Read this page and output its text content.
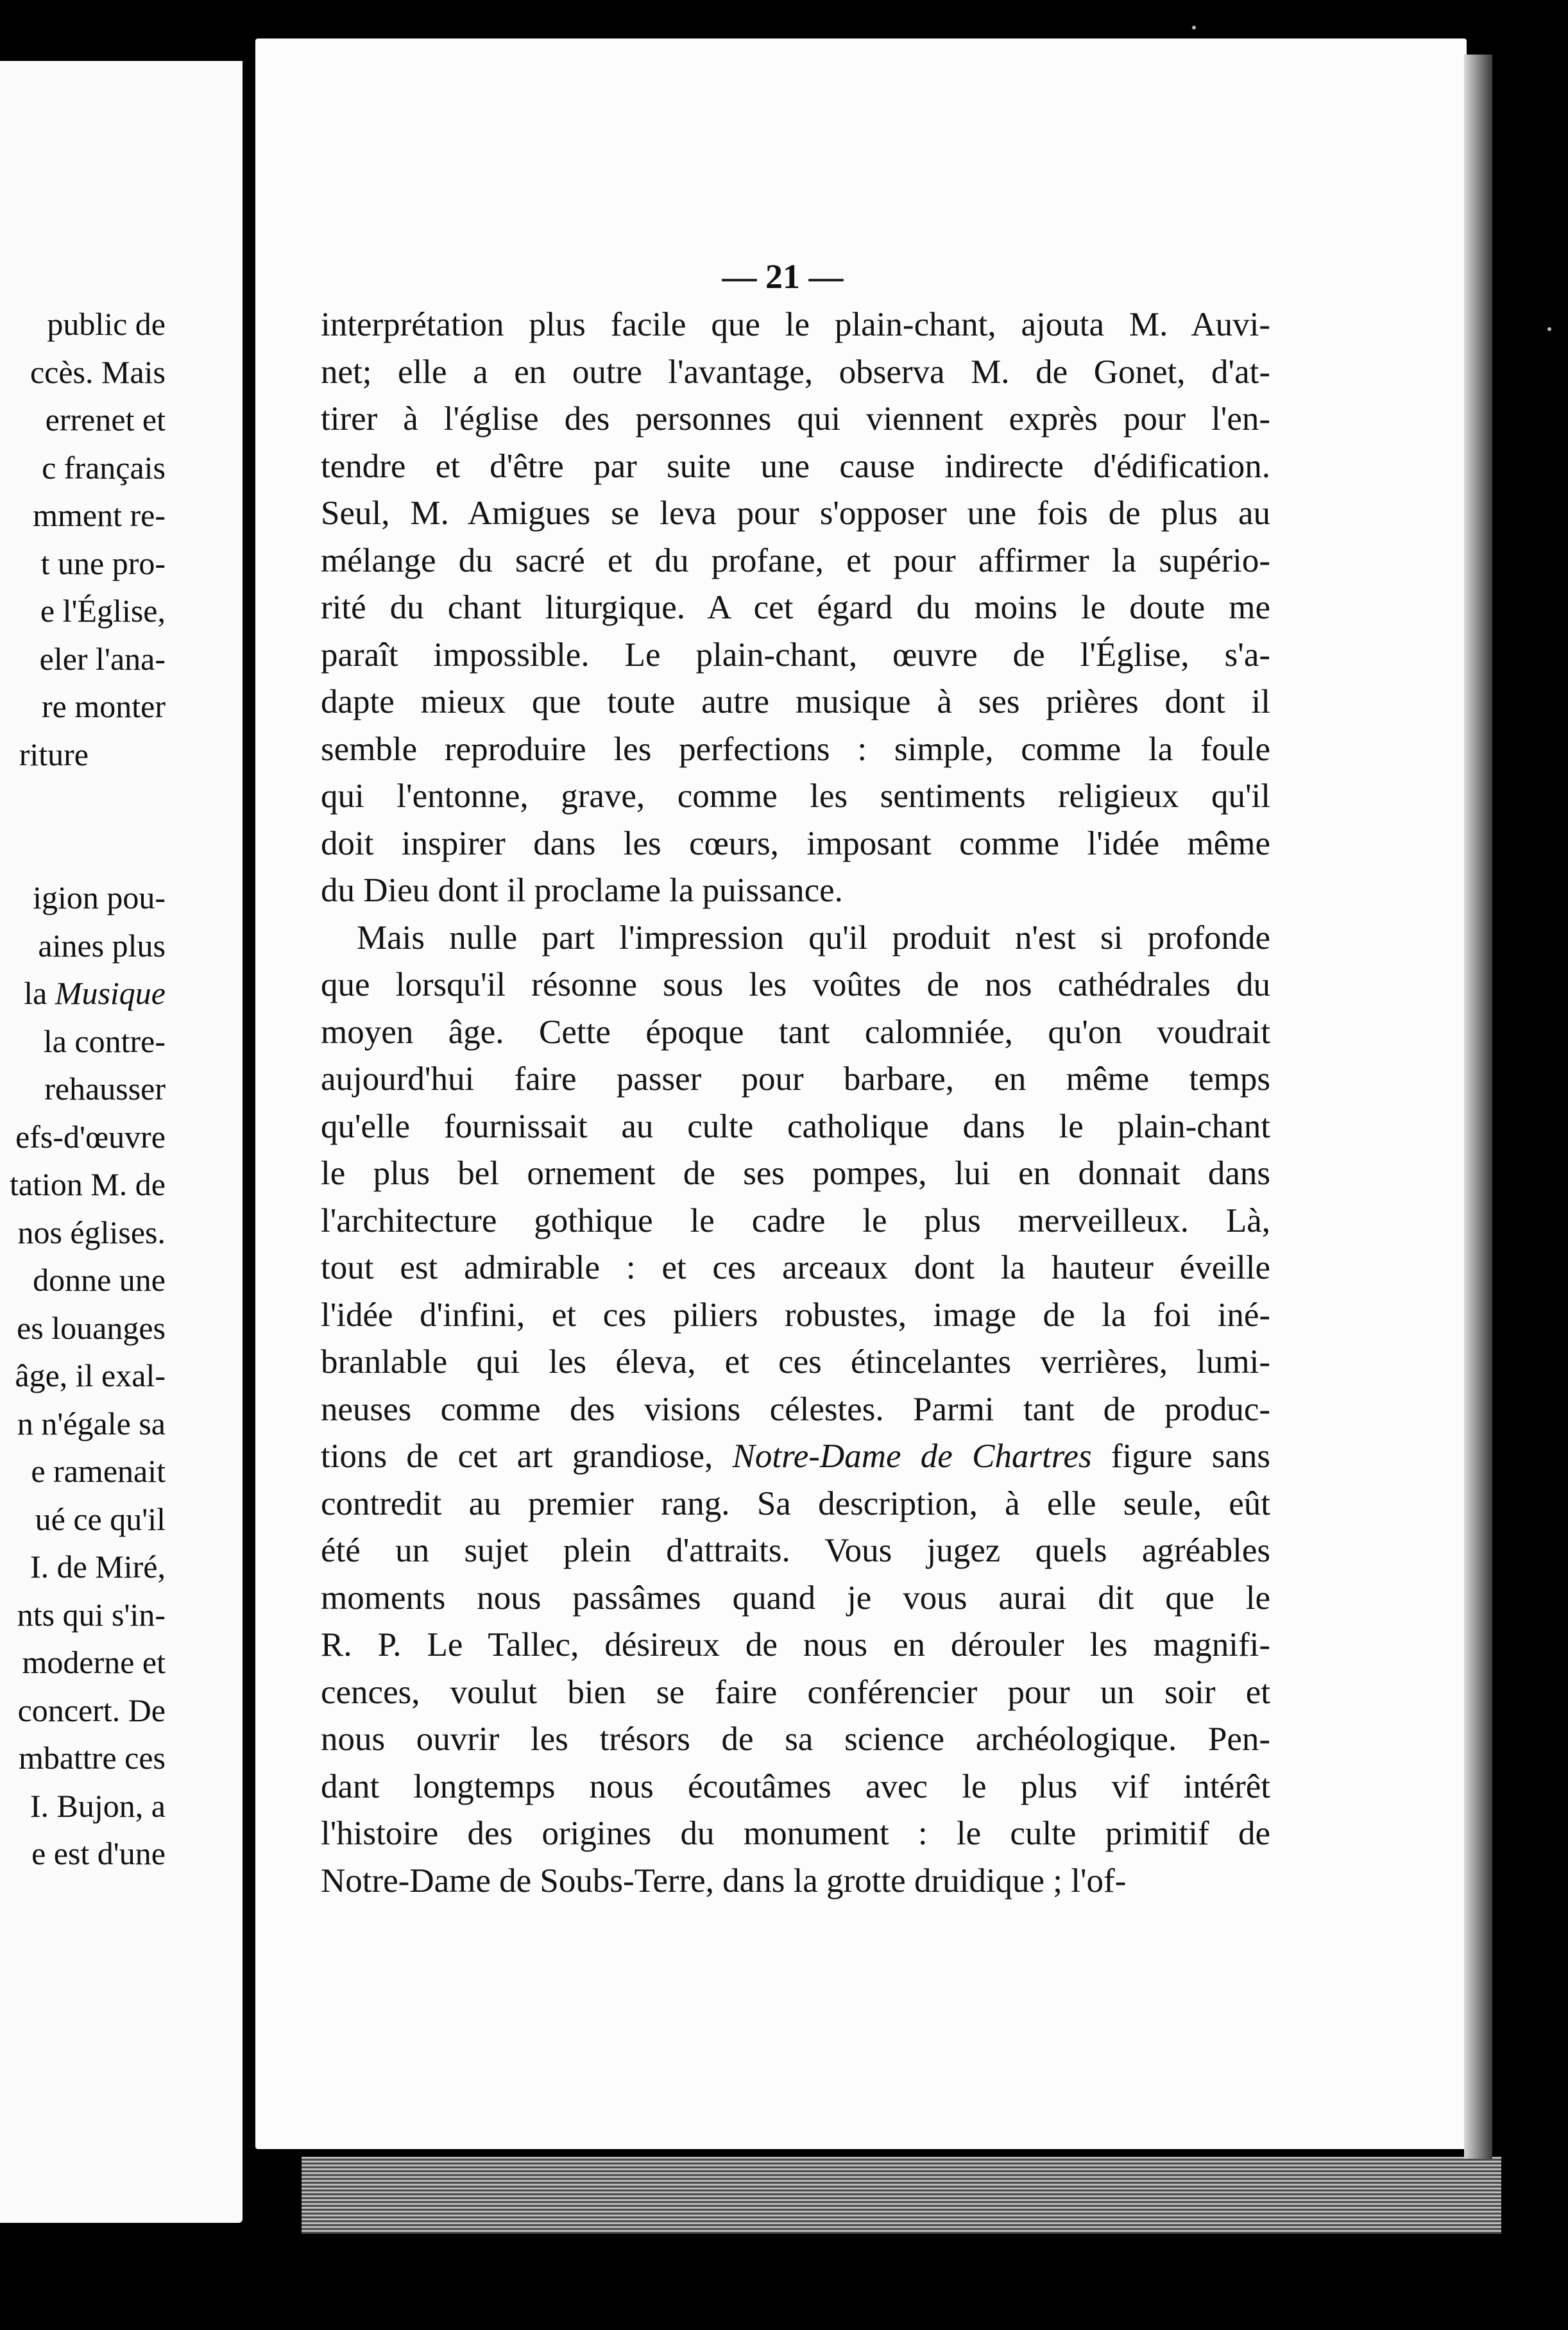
public de
ccès. Mais
errenet et
c français
mment re-
t une pro-
e l'Église,
eler l'ana-
re monter
riture
igion pou-
aines plus
la Musique
la contre-
rehausser
efs-d'œuvre
tation M. de
nos églises.
donne une
es louanges
âge, il exal-
n n'égale sa
e ramenait
ué ce qu'il
I. de Miré,
nts qui s'in-
moderne et
concert. De
mbattre ces
I. Bujon, a
e est d'une
— 21 —
interprétation plus facile que le plain-chant, ajouta M. Auvi-
net; elle a en outre l'avantage, observa M. de Gonet, d'at-
tirer à l'église des personnes qui viennent exprès pour l'en-
tendre et d'être par suite une cause indirecte d'édification.
Seul, M. Amigues se leva pour s'opposer une fois de plus au
mélange du sacré et du profane, et pour affirmer la supério-
rité du chant liturgique. A cet égard du moins le doute me
paraît impossible. Le plain-chant, œuvre de l'Église, s'a-
dapte mieux que toute autre musique à ses prières dont il
semble reproduire les perfections : simple, comme la foule
qui l'entonne, grave, comme les sentiments religieux qu'il
doit inspirer dans les cœurs, imposant comme l'idée même
du Dieu dont il proclame la puissance.
Mais nulle part l'impression qu'il produit n'est si profonde
que lorsqu'il résonne sous les voûtes de nos cathédrales du
moyen âge. Cette époque tant calomniée, qu'on voudrait
aujourd'hui faire passer pour barbare, en même temps
qu'elle fournissait au culte catholique dans le plain-chant
le plus bel ornement de ses pompes, lui en donnait dans
l'architecture gothique le cadre le plus merveilleux. Là,
tout est admirable : et ces arceaux dont la hauteur éveille
l'idée d'infini, et ces piliers robustes, image de la foi iné-
branlable qui les éleva, et ces étincelantes verrières, lumi-
neuses comme des visions célestes. Parmi tant de produc-
tions de cet art grandiose, Notre-Dame de Chartres figure sans
contredit au premier rang. Sa description, à elle seule, eût
été un sujet plein d'attraits. Vous jugez quels agréables
moments nous passâmes quand je vous aurai dit que le
R. P. Le Tallec, désireux de nous en dérouler les magnifi-
cences, voulut bien se faire conférencier pour un soir et
nous ouvrir les trésors de sa science archéologique. Pen-
dant longtemps nous écoutâmes avec le plus vif intérêt
l'histoire des origines du monument : le culte primitif de
Notre-Dame de Soubs-Terre, dans la grotte druidique ; l'of-
